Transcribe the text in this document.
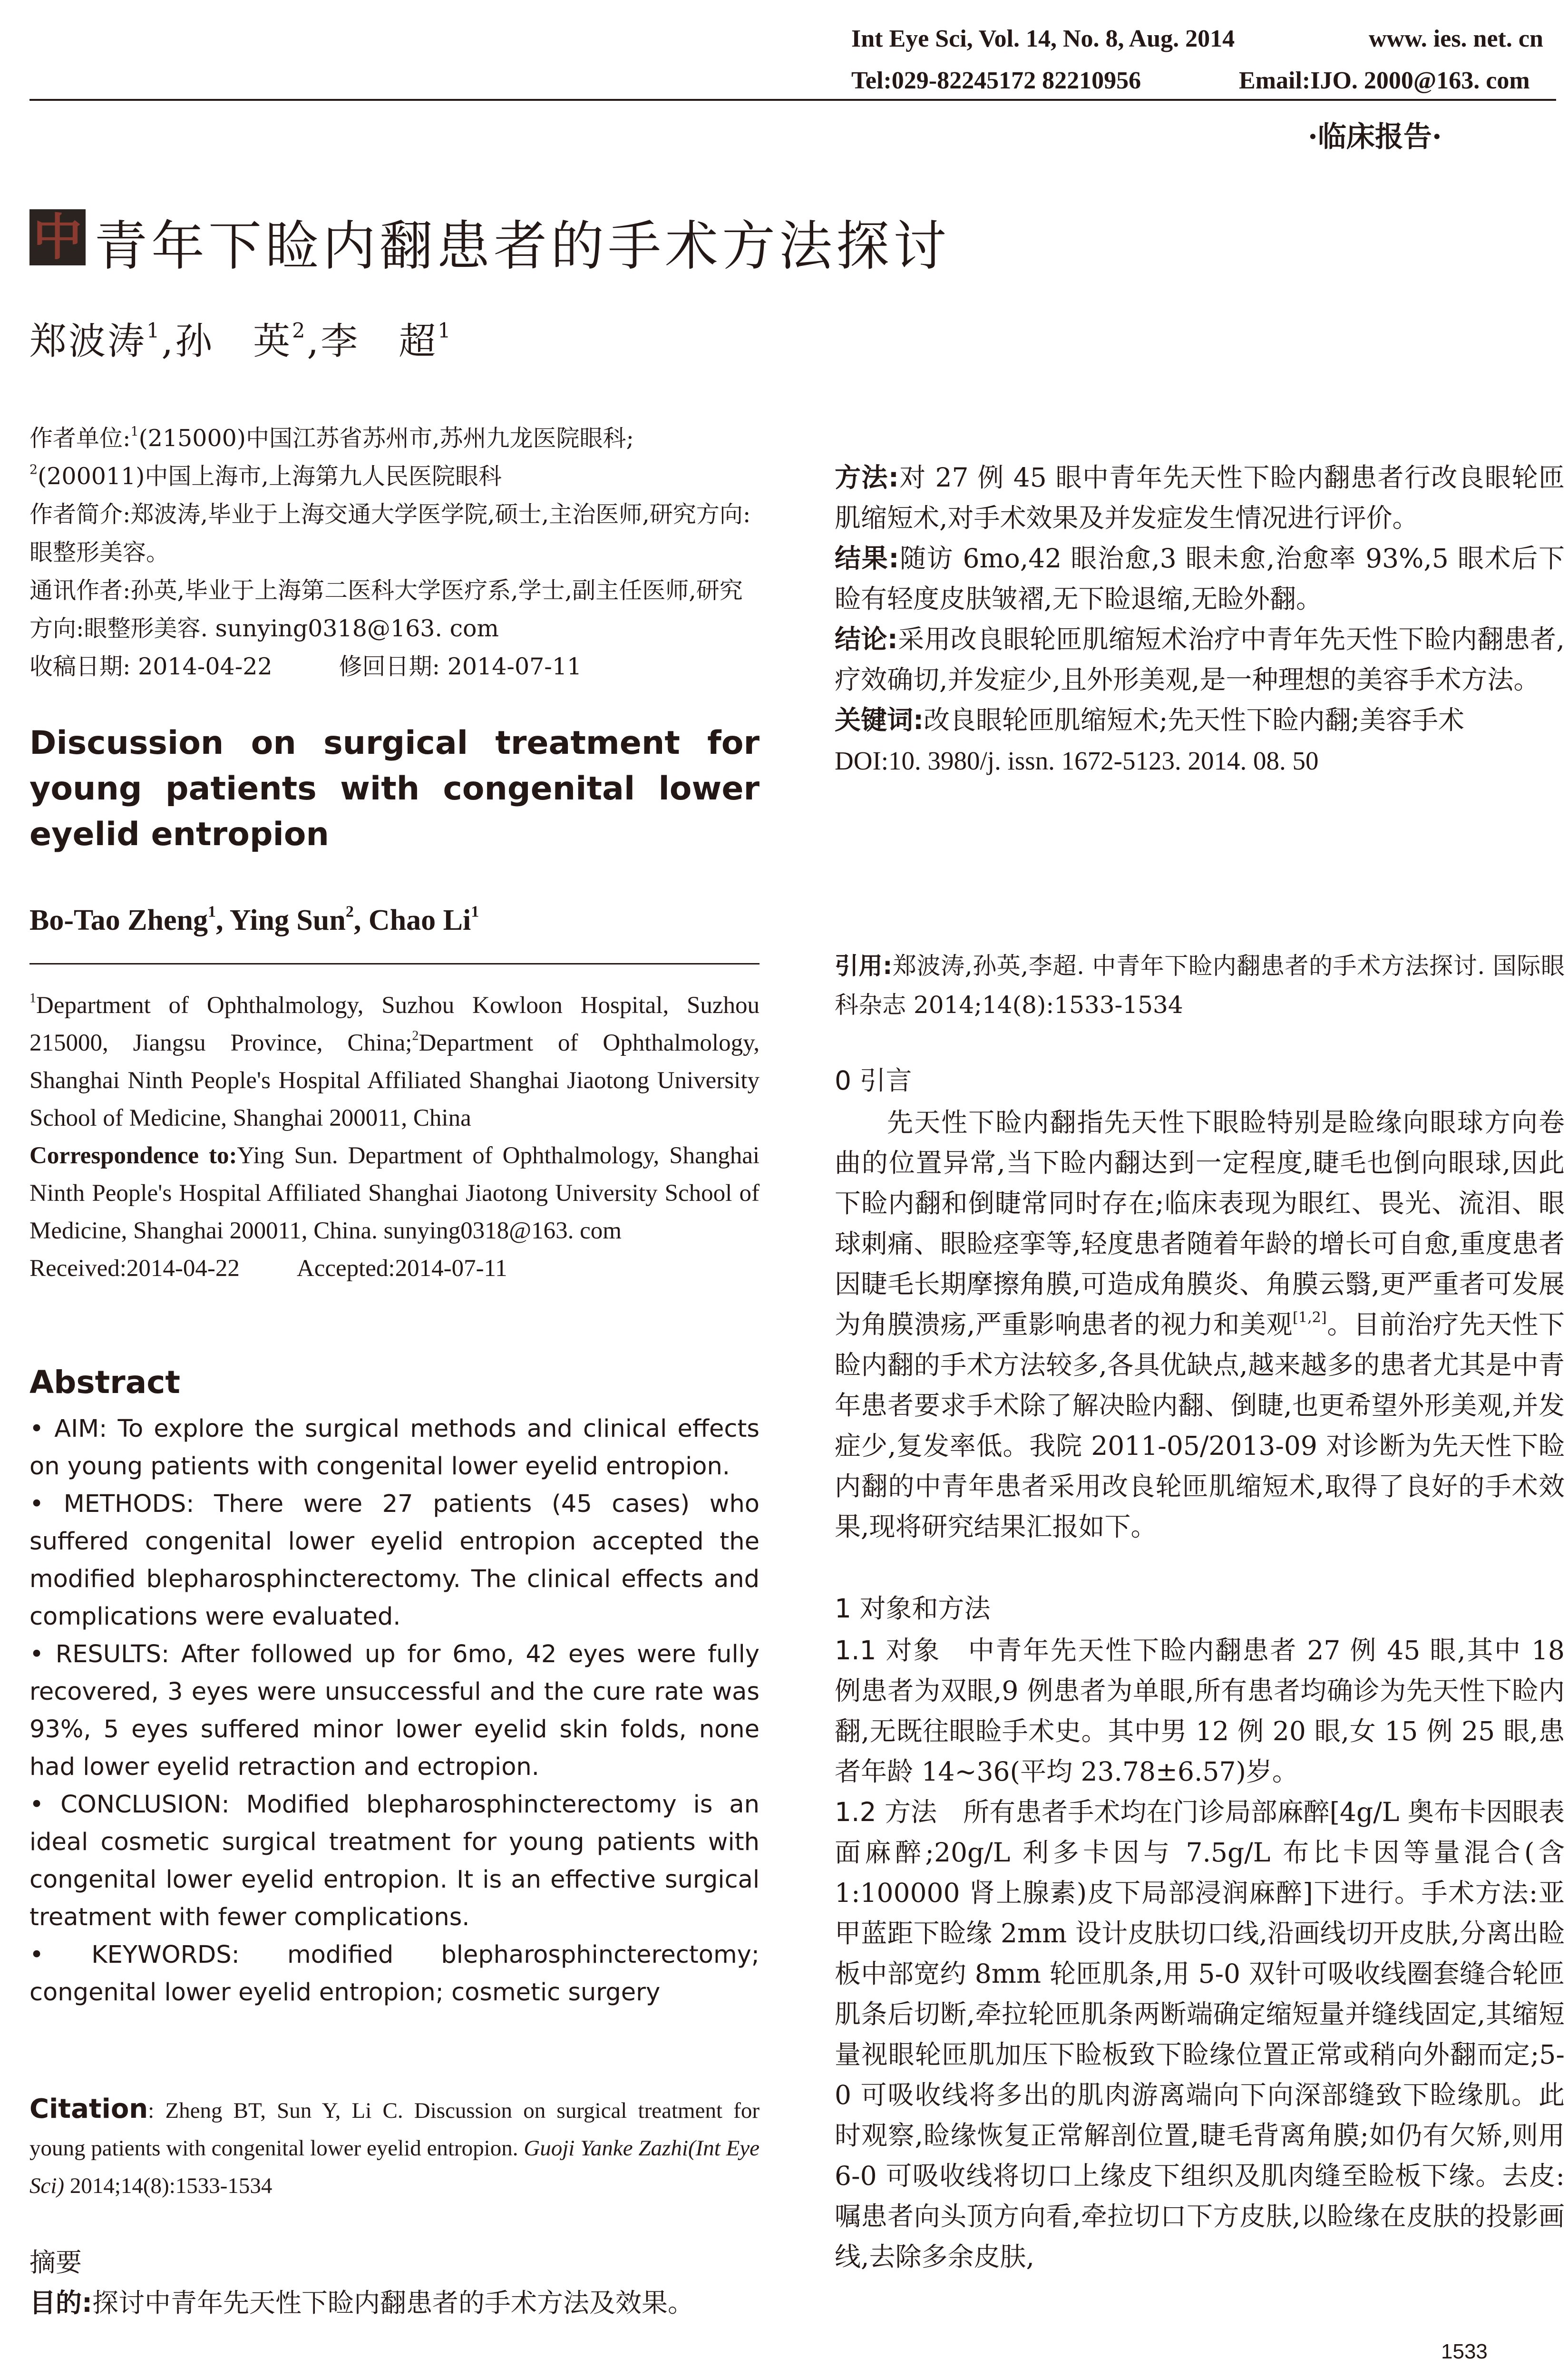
Int Eye Sci, Vol. 14, No. 8, Aug. 2014	www. ies. net. cn
Tel:029-82245172 82210956	Email:IJO. 2000@163. com
·临床报告·
中 青年下睑内翻患者的手术方法探讨
郑波涛$^1$,孙　英$^2$,李　超$^1$

作者单位:$^1$(215000)中国江苏省苏州市,苏州九龙医院眼科;

$^2$(200011)中国上海市,上海第九人民医院眼科

作者简介:郑波涛,毕业于上海交通大学医学院,硕士,主治医师,研究方向:眼整形美容。

通讯作者:孙英,毕业于上海第二医科大学医疗系,学士,副主任医师,研究方向:眼整形美容. sunying0318@163. com

收稿日期: 2014-04-22	修回日期: 2014-07-11

Discussion on surgical treatment for
young patients with congenital lower
eyelid entropion
Bo-Tao Zheng$^1$, Ying Sun$^2$, Chao Li$^1$

$^1$Department of Ophthalmology, Suzhou Kowloon Hospital, Suzhou 215000, Jiangsu Province, China;$^2$Department of Ophthalmology, Shanghai Ninth People's Hospital Affiliated Shanghai Jiaotong University School of Medicine, Shanghai 200011, China

Correspondence to:Ying Sun. Department of Ophthalmology, Shanghai Ninth People's Hospital Affiliated Shanghai Jiaotong University School of Medicine, Shanghai 200011, China. sunying0318@163. com

Received:2014-04-22 Accepted:2014-07-11

Abstract

• AIM: To explore the surgical methods and clinical effects on young patients with congenital lower eyelid entropion.

• METHODS: There were 27 patients (45 cases) who suffered congenital lower eyelid entropion accepted the modified blepharosphincterectomy. The clinical effects and complications were evaluated.

• RESULTS: After followed up for 6mo, 42 eyes were fully recovered, 3 eyes were unsuccessful and the cure rate was 93%, 5 eyes suffered minor lower eyelid skin folds, none had lower eyelid retraction and ectropion.

• CONCLUSION: Modified blepharosphincterectomy is an ideal cosmetic surgical treatment for young patients with congenital lower eyelid entropion. It is an effective surgical treatment with fewer complications.

• KEYWORDS: modified blepharosphincterectomy; congenital lower eyelid entropion; cosmetic surgery

Citation: Zheng BT, Sun Y, Li C. Discussion on surgical treatment for young patients with congenital lower eyelid entropion. Guoji Yanke Zazhi(Int Eye Sci) 2014;14(8):1533-1534
摘要
目的:探讨中青年先天性下睑内翻患者的手术方法及效果。

方法:对 27 例 45 眼中青年先天性下睑内翻患者行改良眼轮匝肌缩短术,对手术效果及并发症发生情况进行评价。

结果:随访 6mo,42 眼治愈,3 眼未愈,治愈率 93%,5 眼术后下睑有轻度皮肤皱褶,无下睑退缩,无睑外翻。

结论:采用改良眼轮匝肌缩短术治疗中青年先天性下睑内翻患者,疗效确切,并发症少,且外形美观,是一种理想的美容手术方法。

关键词:改良眼轮匝肌缩短术;先天性下睑内翻;美容手术

DOI:10. 3980/j. issn. 1672-5123. 2014. 08. 50

引用:郑波涛,孙英,李超. 中青年下睑内翻患者的手术方法探讨. 国际眼科杂志 2014;14(8):1533-1534
0 引言
先天性下睑内翻指先天性下眼睑特别是睑缘向眼球方向卷曲的位置异常,当下睑内翻达到一定程度,睫毛也倒向眼球,因此下睑内翻和倒睫常同时存在;临床表现为眼红、畏光、流泪、眼球刺痛、眼睑痉挛等,轻度患者随着年龄的增长可自愈,重度患者因睫毛长期摩擦角膜,可造成角膜炎、角膜云翳,更严重者可发展为角膜溃疡,严重影响患者的视力和美观[1,2]。目前治疗先天性下睑内翻的手术方法较多,各具优缺点,越来越多的患者尤其是中青年患者要求手术除了解决睑内翻、倒睫,也更希望外形美观,并发症少,复发率低。我院 2011-05/2013-09 对诊断为先天性下睑内翻的中青年患者采用改良轮匝肌缩短术,取得了良好的手术效果,现将研究结果汇报如下。
1 对象和方法

1.1 对象　 中青年先天性下睑内翻患者 27 例 45 眼,其中 18 例患者为双眼,9 例患者为单眼,所有患者均确诊为先天性下睑内翻,无既往眼睑手术史。其中男 12 例 20 眼,女 15 例 25 眼,患者年龄 14~36(平均 23.78±6.57)岁。

1.2 方法　 所有患者手术均在门诊局部麻醉[4g/L 奥布卡因眼表面麻醉;20g/L 利多卡因与 7.5g/L 布比卡因等量混合(含 1:100000 肾上腺素)皮下局部浸润麻醉]下进行。手术方法:亚甲蓝距下睑缘 2mm 设计皮肤切口线,沿画线切开皮肤,分离出睑板中部宽约 8mm 轮匝肌条,用 5-0 双针可吸收线圈套缝合轮匝肌条后切断,牵拉轮匝肌条两断端确定缩短量并缝线固定,其缩短量视眼轮匝肌加压下睑板致下睑缘位置正常或稍向外翻而定;5-0 可吸收线将多出的肌肉游离端向下向深部缝致下睑缘肌。此时观察,睑缘恢复正常解剖位置,睫毛背离角膜;如仍有欠矫,则用 6-0 可吸收线将切口上缘皮下组织及肌肉缝至睑板下缘。去皮:嘱患者向头顶方向看,牵拉切口下方皮肤,以睑缘在皮肤的投影画线,去除多余皮肤,

1533
